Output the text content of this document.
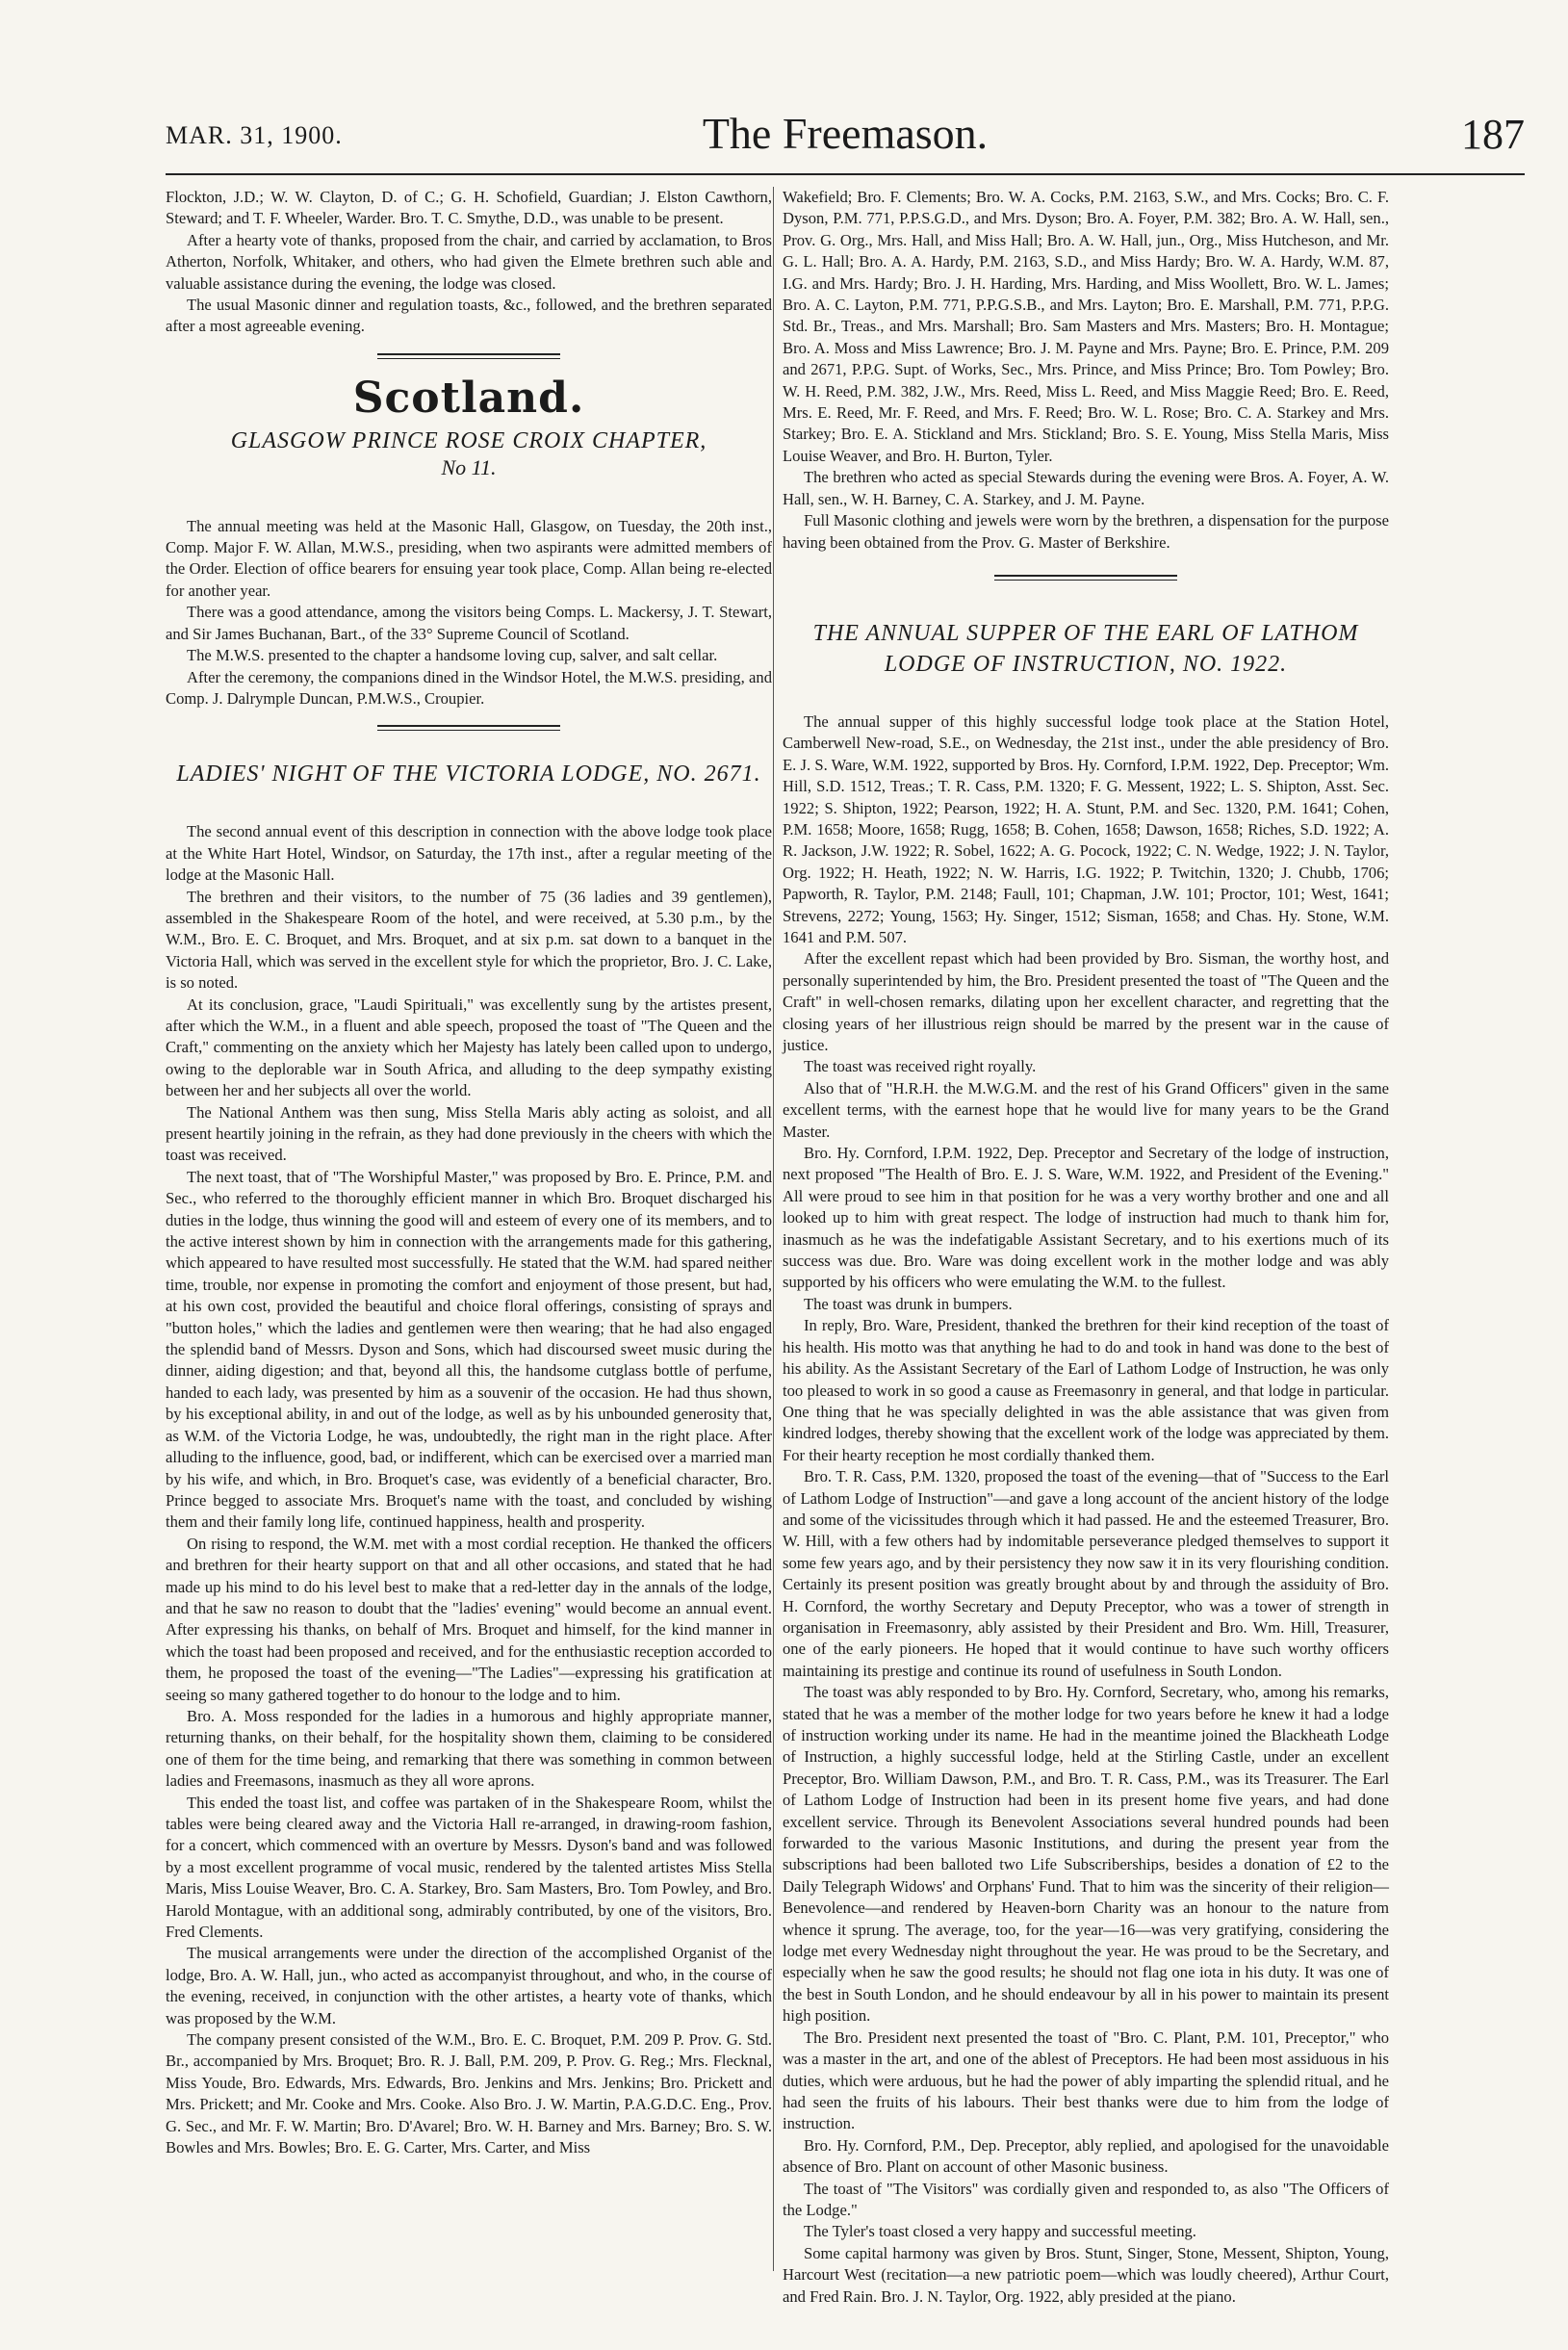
MAR. 31, 1900.	The Freemason.	187

Flockton, J.D.; W. W. Clayton, D. of C.; G. H. Schofield, Guardian; J. Elston Cawthorn, Steward; and T. F. Wheeler, Warder. Bro. T. C. Smythe, D.D., was unable to be present.

After a hearty vote of thanks, proposed from the chair, and carried by acclamation, to Bros Atherton, Norfolk, Whitaker, and others, who had given the Elmete brethren such able and valuable assistance during the evening, the lodge was closed.

The usual Masonic dinner and regulation toasts, &c., followed, and the brethren separated after a most agreeable evening.

Scotland.
GLASGOW PRINCE ROSE CROIX CHAPTER,
No 11.

The annual meeting was held at the Masonic Hall, Glasgow, on Tuesday, the 20th inst., Comp. Major F. W. Allan, M.W.S., presiding, when two aspirants were admitted members of the Order. Election of office bearers for ensuing year took place, Comp. Allan being re-elected for another year.

There was a good attendance, among the visitors being Comps. L. Mackersy, J. T. Stewart, and Sir James Buchanan, Bart., of the 33° Supreme Council of Scotland.

The M.W.S. presented to the chapter a handsome loving cup, salver, and salt cellar.

After the ceremony, the companions dined in the Windsor Hotel, the M.W.S. presiding, and Comp. J. Dalrymple Duncan, P.M.W.S., Croupier.

LADIES' NIGHT OF THE VICTORIA LODGE, NO. 2671.

The second annual event of this description in connection with the above lodge took place at the White Hart Hotel, Windsor, on Saturday, the 17th inst., after a regular meeting of the lodge at the Masonic Hall.

The brethren and their visitors, to the number of 75 (36 ladies and 39 gentlemen), assembled in the Shakespeare Room of the hotel, and were received, at 5.30 p.m., by the W.M., Bro. E. C. Broquet, and Mrs. Broquet, and at six p.m. sat down to a banquet in the Victoria Hall, which was served in the excellent style for which the proprietor, Bro. J. C. Lake, is so noted.

At its conclusion, grace, "Laudi Spirituali," was excellently sung by the artistes present, after which the W.M., in a fluent and able speech, proposed the toast of "The Queen and the Craft," commenting on the anxiety which her Majesty has lately been called upon to undergo, owing to the deplorable war in South Africa, and alluding to the deep sympathy existing between her and her subjects all over the world.

The National Anthem was then sung, Miss Stella Maris ably acting as soloist, and all present heartily joining in the refrain, as they had done previously in the cheers with which the toast was received.

The next toast, that of "The Worshipful Master," was proposed by Bro. E. Prince, P.M. and Sec., who referred to the thoroughly efficient manner in which Bro. Broquet discharged his duties in the lodge, thus winning the good will and esteem of every one of its members, and to the active interest shown by him in connection with the arrangements made for this gathering, which appeared to have resulted most successfully. He stated that the W.M. had spared neither time, trouble, nor expense in promoting the comfort and enjoyment of those present, but had, at his own cost, provided the beautiful and choice floral offerings, consisting of sprays and "button holes," which the ladies and gentlemen were then wearing; that he had also engaged the splendid band of Messrs. Dyson and Sons, which had discoursed sweet music during the dinner, aiding digestion; and that, beyond all this, the handsome cutglass bottle of perfume, handed to each lady, was presented by him as a souvenir of the occasion. He had thus shown, by his exceptional ability, in and out of the lodge, as well as by his unbounded generosity that, as W.M. of the Victoria Lodge, he was, undoubtedly, the right man in the right place. After alluding to the influence, good, bad, or indifferent, which can be exercised over a married man by his wife, and which, in Bro. Broquet's case, was evidently of a beneficial character, Bro. Prince begged to associate Mrs. Broquet's name with the toast, and concluded by wishing them and their family long life, continued happiness, health and prosperity.

On rising to respond, the W.M. met with a most cordial reception. He thanked the officers and brethren for their hearty support on that and all other occasions, and stated that he had made up his mind to do his level best to make that a red-letter day in the annals of the lodge, and that he saw no reason to doubt that the "ladies' evening" would become an annual event. After expressing his thanks, on behalf of Mrs. Broquet and himself, for the kind manner in which the toast had been proposed and received, and for the enthusiastic reception accorded to them, he proposed the toast of the evening—"The Ladies"—expressing his gratification at seeing so many gathered together to do honour to the lodge and to him.

Bro. A. Moss responded for the ladies in a humorous and highly appropriate manner, returning thanks, on their behalf, for the hospitality shown them, claiming to be considered one of them for the time being, and remarking that there was something in common between ladies and Freemasons, inasmuch as they all wore aprons.

This ended the toast list, and coffee was partaken of in the Shakespeare Room, whilst the tables were being cleared away and the Victoria Hall re-arranged, in drawing-room fashion, for a concert, which commenced with an overture by Messrs. Dyson's band and was followed by a most excellent programme of vocal music, rendered by the talented artistes Miss Stella Maris, Miss Louise Weaver, Bro. C. A. Starkey, Bro. Sam Masters, Bro. Tom Powley, and Bro. Harold Montague, with an additional song, admirably contributed, by one of the visitors, Bro. Fred Clements.

The musical arrangements were under the direction of the accomplished Organist of the lodge, Bro. A. W. Hall, jun., who acted as accompanyist throughout, and who, in the course of the evening, received, in conjunction with the other artistes, a hearty vote of thanks, which was proposed by the W.M.

The company present consisted of the W.M., Bro. E. C. Broquet, P.M. 209 P. Prov. G. Std. Br., accompanied by Mrs. Broquet; Bro. R. J. Ball, P.M. 209, P. Prov. G. Reg.; Mrs. Flecknal, Miss Youde, Bro. Edwards, Mrs. Edwards, Bro. Jenkins and Mrs. Jenkins; Bro. Prickett and Mrs. Prickett; and Mr. Cooke and Mrs. Cooke. Also Bro. J. W. Martin, P.A.G.D.C. Eng., Prov. G. Sec., and Mr. F. W. Martin; Bro. D'Avarel; Bro. W. H. Barney and Mrs. Barney; Bro. S. W. Bowles and Mrs. Bowles; Bro. E. G. Carter, Mrs. Carter, and Miss

Wakefield; Bro. F. Clements; Bro. W. A. Cocks, P.M. 2163, S.W., and Mrs. Cocks; Bro. C. F. Dyson, P.M. 771, P.P.S.G.D., and Mrs. Dyson; Bro. A. Foyer, P.M. 382; Bro. A. W. Hall, sen., Prov. G. Org., Mrs. Hall, and Miss Hall; Bro. A. W. Hall, jun., Org., Miss Hutcheson, and Mr. G. L. Hall; Bro. A. A. Hardy, P.M. 2163, S.D., and Miss Hardy; Bro. W. A. Hardy, W.M. 87, I.G. and Mrs. Hardy; Bro. J. H. Harding, Mrs. Harding, and Miss Woollett, Bro. W. L. James; Bro. A. C. Layton, P.M. 771, P.P.G.S.B., and Mrs. Layton; Bro. E. Marshall, P.M. 771, P.P.G. Std. Br., Treas., and Mrs. Marshall; Bro. Sam Masters and Mrs. Masters; Bro. H. Montague; Bro. A. Moss and Miss Lawrence; Bro. J. M. Payne and Mrs. Payne; Bro. E. Prince, P.M. 209 and 2671, P.P.G. Supt. of Works, Sec., Mrs. Prince, and Miss Prince; Bro. Tom Powley; Bro. W. H. Reed, P.M. 382, J.W., Mrs. Reed, Miss L. Reed, and Miss Maggie Reed; Bro. E. Reed, Mrs. E. Reed, Mr. F. Reed, and Mrs. F. Reed; Bro. W. L. Rose; Bro. C. A. Starkey and Mrs. Starkey; Bro. E. A. Stickland and Mrs. Stickland; Bro. S. E. Young, Miss Stella Maris, Miss Louise Weaver, and Bro. H. Burton, Tyler.

The brethren who acted as special Stewards during the evening were Bros. A. Foyer, A. W. Hall, sen., W. H. Barney, C. A. Starkey, and J. M. Payne.

Full Masonic clothing and jewels were worn by the brethren, a dispensation for the purpose having been obtained from the Prov. G. Master of Berkshire.

THE ANNUAL SUPPER OF THE EARL OF LATHOM
LODGE OF INSTRUCTION, NO. 1922.

The annual supper of this highly successful lodge took place at the Station Hotel, Camberwell New-road, S.E., on Wednesday, the 21st inst., under the able presidency of Bro. E. J. S. Ware, W.M. 1922, supported by Bros. Hy. Cornford, I.P.M. 1922, Dep. Preceptor; Wm. Hill, S.D. 1512, Treas.; T. R. Cass, P.M. 1320; F. G. Messent, 1922; L. S. Shipton, Asst. Sec. 1922; S. Shipton, 1922; Pearson, 1922; H. A. Stunt, P.M. and Sec. 1320, P.M. 1641; Cohen, P.M. 1658; Moore, 1658; Rugg, 1658; B. Cohen, 1658; Dawson, 1658; Riches, S.D. 1922; A. R. Jackson, J.W. 1922; R. Sobel, 1622; A. G. Pocock, 1922; C. N. Wedge, 1922; J. N. Taylor, Org. 1922; H. Heath, 1922; N. W. Harris, I.G. 1922; P. Twitchin, 1320; J. Chubb, 1706; Papworth, R. Taylor, P.M. 2148; Faull, 101; Chapman, J.W. 101; Proctor, 101; West, 1641; Strevens, 2272; Young, 1563; Hy. Singer, 1512; Sisman, 1658; and Chas. Hy. Stone, W.M. 1641 and P.M. 507.

After the excellent repast which had been provided by Bro. Sisman, the worthy host, and personally superintended by him, the Bro. President presented the toast of "The Queen and the Craft" in well-chosen remarks, dilating upon her excellent character, and regretting that the closing years of her illustrious reign should be marred by the present war in the cause of justice.

The toast was received right royally.

Also that of "H.R.H. the M.W.G.M. and the rest of his Grand Officers" given in the same excellent terms, with the earnest hope that he would live for many years to be the Grand Master.

Bro. Hy. Cornford, I.P.M. 1922, Dep. Preceptor and Secretary of the lodge of instruction, next proposed "The Health of Bro. E. J. S. Ware, W.M. 1922, and President of the Evening." All were proud to see him in that position for he was a very worthy brother and one and all looked up to him with great respect. The lodge of instruction had much to thank him for, inasmuch as he was the indefatigable Assistant Secretary, and to his exertions much of its success was due. Bro. Ware was doing excellent work in the mother lodge and was ably supported by his officers who were emulating the W.M. to the fullest.

The toast was drunk in bumpers.

In reply, Bro. Ware, President, thanked the brethren for their kind reception of the toast of his health. His motto was that anything he had to do and took in hand was done to the best of his ability. As the Assistant Secretary of the Earl of Lathom Lodge of Instruction, he was only too pleased to work in so good a cause as Freemasonry in general, and that lodge in particular. One thing that he was specially delighted in was the able assistance that was given from kindred lodges, thereby showing that the excellent work of the lodge was appreciated by them. For their hearty reception he most cordially thanked them.

Bro. T. R. Cass, P.M. 1320, proposed the toast of the evening—that of "Success to the Earl of Lathom Lodge of Instruction"—and gave a long account of the ancient history of the lodge and some of the vicissitudes through which it had passed. He and the esteemed Treasurer, Bro. W. Hill, with a few others had by indomitable perseverance pledged themselves to support it some few years ago, and by their persistency they now saw it in its very flourishing condition. Certainly its present position was greatly brought about by and through the assiduity of Bro. H. Cornford, the worthy Secretary and Deputy Preceptor, who was a tower of strength in organisation in Freemasonry, ably assisted by their President and Bro. Wm. Hill, Treasurer, one of the early pioneers. He hoped that it would continue to have such worthy officers maintaining its prestige and continue its round of usefulness in South London.

The toast was ably responded to by Bro. Hy. Cornford, Secretary, who, among his remarks, stated that he was a member of the mother lodge for two years before he knew it had a lodge of instruction working under its name. He had in the meantime joined the Blackheath Lodge of Instruction, a highly successful lodge, held at the Stirling Castle, under an excellent Preceptor, Bro. William Dawson, P.M., and Bro. T. R. Cass, P.M., was its Treasurer. The Earl of Lathom Lodge of Instruction had been in its present home five years, and had done excellent service. Through its Benevolent Associations several hundred pounds had been forwarded to the various Masonic Institutions, and during the present year from the subscriptions had been balloted two Life Subscriberships, besides a donation of £2 to the Daily Telegraph Widows' and Orphans' Fund. That to him was the sincerity of their religion—Benevolence—and rendered by Heaven-born Charity was an honour to the nature from whence it sprung. The average, too, for the year—16—was very gratifying, considering the lodge met every Wednesday night throughout the year. He was proud to be the Secretary, and especially when he saw the good results; he should not flag one iota in his duty. It was one of the best in South London, and he should endeavour by all in his power to maintain its present high position.

The Bro. President next presented the toast of "Bro. C. Plant, P.M. 101, Preceptor," who was a master in the art, and one of the ablest of Preceptors. He had been most assiduous in his duties, which were arduous, but he had the power of ably imparting the splendid ritual, and he had seen the fruits of his labours. Their best thanks were due to him from the lodge of instruction.

Bro. Hy. Cornford, P.M., Dep. Preceptor, ably replied, and apologised for the unavoidable absence of Bro. Plant on account of other Masonic business.

The toast of "The Visitors" was cordially given and responded to, as also "The Officers of the Lodge."

The Tyler's toast closed a very happy and successful meeting.

Some capital harmony was given by Bros. Stunt, Singer, Stone, Messent, Shipton, Young, Harcourt West (recitation—a new patriotic poem—which was loudly cheered), Arthur Court, and Fred Rain. Bro. J. N. Taylor, Org. 1922, ably presided at the piano.
